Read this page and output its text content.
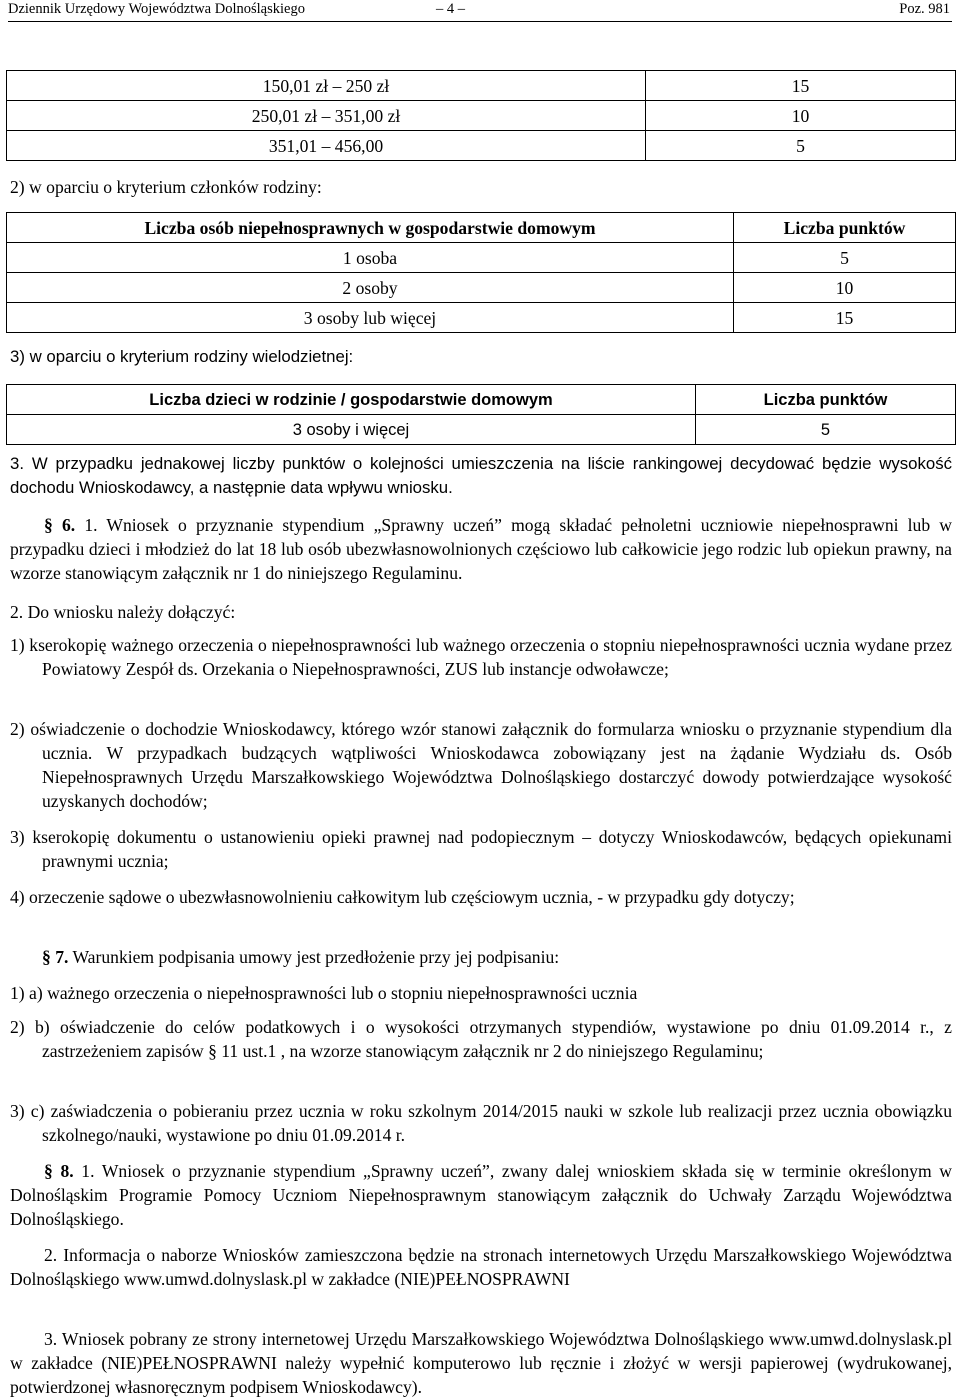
Dziennik Urzędowy Województwa Dolnośląskiego	– 4 –	Poz. 981
150,01 zł – 250 zł	15
250,01 zł – 351,00 zł	10
351,01 – 456,00	5
2) w oparciu o kryterium członków rodziny:
Liczba osób niepełnosprawnych w gospodarstwie domowym	Liczba punktów
1 osoba	5
2 osoby	10
3 osoby lub więcej	15
3) w oparciu o kryterium rodziny wielodzietnej:
Liczba dzieci w rodzinie / gospodarstwie domowym	Liczba punktów
3 osoby i więcej	5
3. W przypadku jednakowej liczby punktów o kolejności umieszczenia na liście rankingowej decydować będzie wysokość dochodu Wnioskodawcy, a następnie data wpływu wniosku.
§ 6. 1. Wniosek o przyznanie stypendium „Sprawny uczeń” mogą składać pełnoletni uczniowie niepełnosprawni lub w przypadku dzieci i młodzież do lat 18 lub osób ubezwłasnowolnionych częściowo lub całkowicie jego rodzic lub opiekun prawny, na wzorze stanowiącym załącznik nr 1 do niniejszego Regulaminu.
2. Do wniosku należy dołączyć:
1) kserokopię ważnego orzeczenia o niepełnosprawności lub ważnego orzeczenia o stopniu niepełnosprawności ucznia wydane przez Powiatowy Zespół ds. Orzekania o Niepełnosprawności, ZUS lub instancje odwoławcze;
2) oświadczenie o dochodzie Wnioskodawcy, którego wzór stanowi załącznik do formularza wniosku o przyznanie stypendium dla ucznia. W przypadkach budzących wątpliwości Wnioskodawca zobowiązany jest na żądanie Wydziału ds. Osób Niepełnosprawnych Urzędu Marszałkowskiego Województwa Dolnośląskiego dostarczyć dowody potwierdzające wysokość uzyskanych dochodów;
3) kserokopię dokumentu o ustanowieniu opieki prawnej nad podopiecznym – dotyczy Wnioskodawców, będących opiekunami prawnymi ucznia;
4) orzeczenie sądowe o ubezwłasnowolnieniu całkowitym lub częściowym ucznia, - w przypadku gdy dotyczy;
§ 7. Warunkiem podpisania umowy jest przedłożenie przy jej podpisaniu:
1) a) ważnego orzeczenia o niepełnosprawności lub o stopniu niepełnosprawności ucznia
2) b) oświadczenie do celów podatkowych i o wysokości otrzymanych stypendiów, wystawione po dniu 01.09.2014 r., z zastrzeżeniem zapisów § 11 ust.1 , na wzorze stanowiącym załącznik nr 2 do niniejszego Regulaminu;
3) c) zaświadczenia o pobieraniu przez ucznia w roku szkolnym 2014/2015 nauki w szkole lub realizacji przez ucznia obowiązku szkolnego/nauki, wystawione po dniu 01.09.2014 r.
§ 8. 1. Wniosek o przyznanie stypendium „Sprawny uczeń”, zwany dalej wnioskiem składa się w terminie określonym w Dolnośląskim Programie Pomocy Uczniom Niepełnosprawnym stanowiącym załącznik do Uchwały Zarządu Województwa Dolnośląskiego.
2. Informacja o naborze Wniosków zamieszczona będzie na stronach internetowych Urzędu Marszałkowskiego Województwa Dolnośląskiego www.umwd.dolnyslask.pl w zakładce (NIE)PEŁNOSPRAWNI
3. Wniosek pobrany ze strony internetowej Urzędu Marszałkowskiego Województwa Dolnośląskiego www.umwd.dolnyslask.pl w zakładce (NIE)PEŁNOSPRAWNI należy wypełnić komputerowo lub ręcznie i złożyć w wersji papierowej (wydrukowanej, potwierdzonej własnoręcznym podpisem Wnioskodawcy).
